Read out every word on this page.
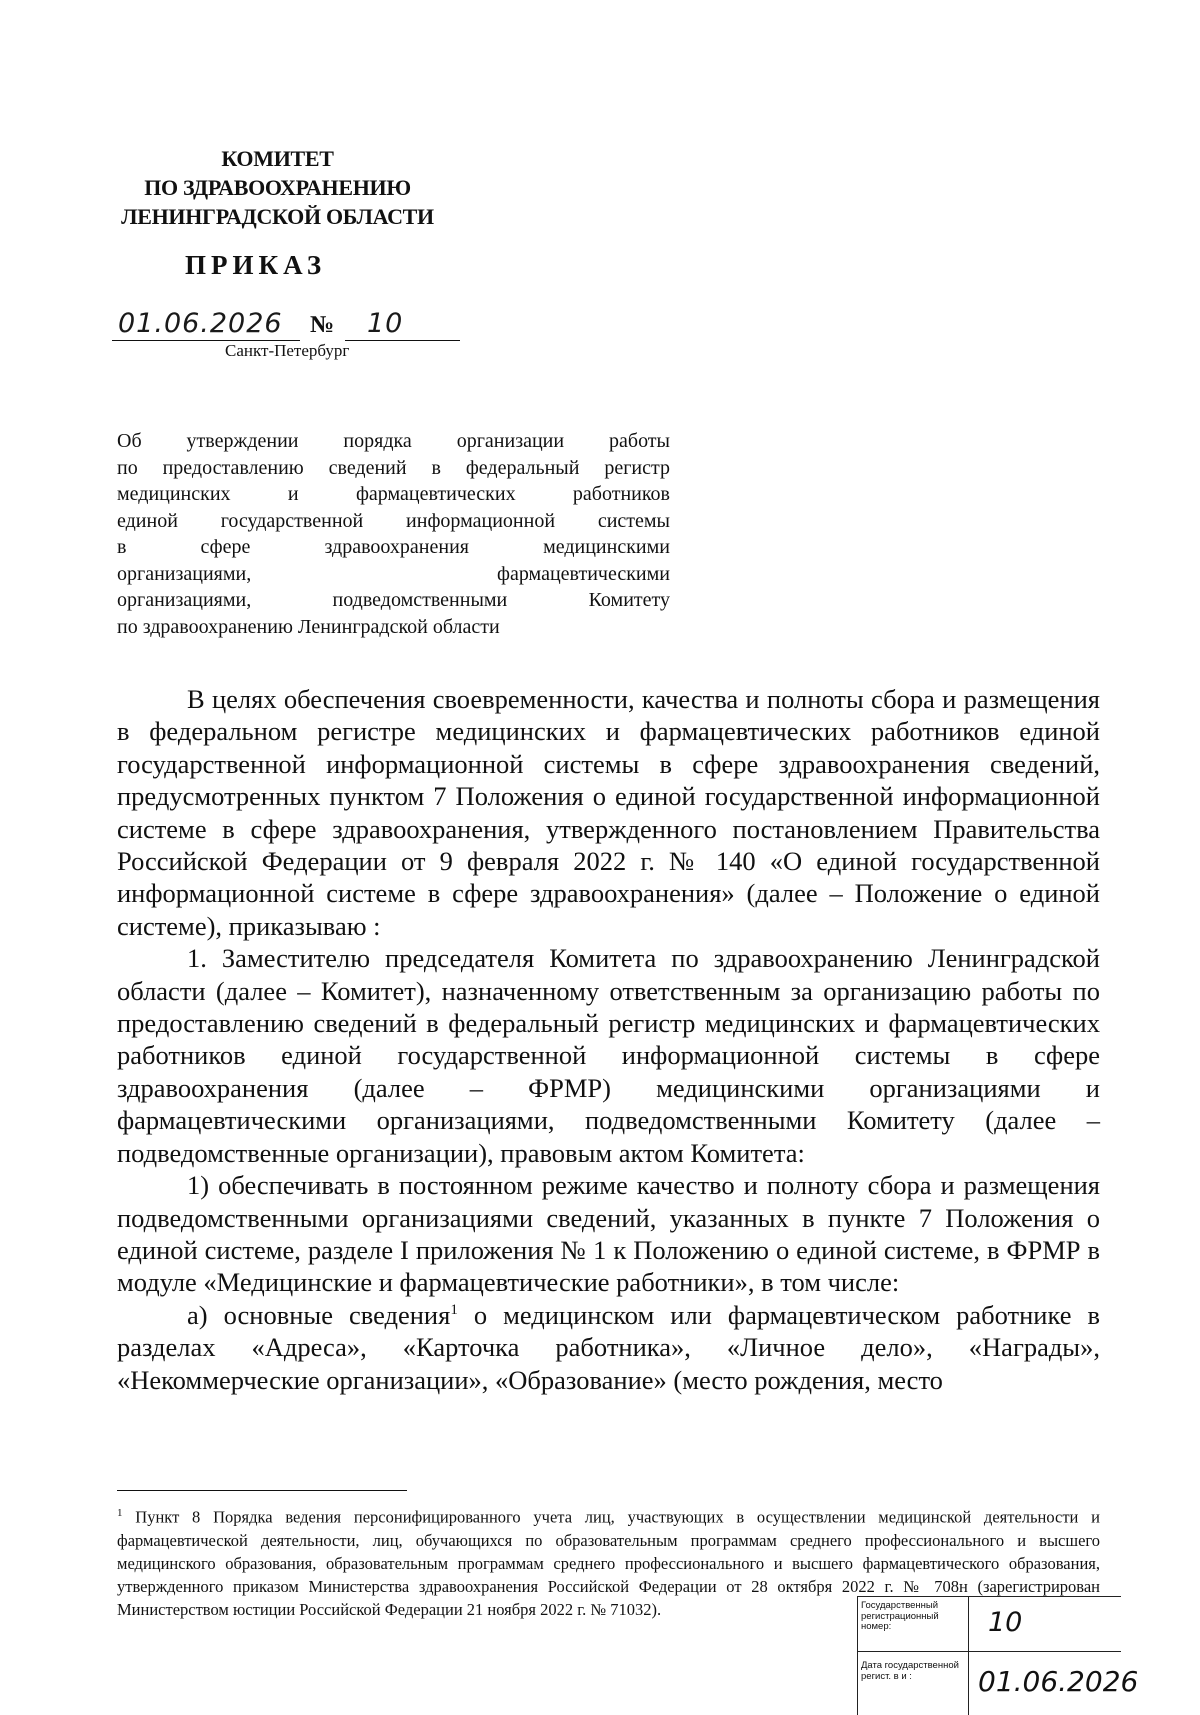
КОМИТЕТ
ПО ЗДРАВООХРАНЕНИЮ
ЛЕНИНГРАДСКОЙ ОБЛАСТИ
ПРИКАЗ
01.06.2026 № 10
Санкт-Петербург
Об утверждении порядка организации работы
по предоставлению сведений в федеральный регистр
медицинских и фармацевтических работников
единой государственной информационной системы
в сфере здравоохранения медицинскими
организациями, фармацевтическими
организациями, подведомственными Комитету
по здравоохранению Ленинградской области

В целях обеспечения своевременности, качества и полноты сбора и размещения в федеральном регистре медицинских и фармацевтических работников единой государственной информационной системы в сфере здравоохранения сведений, предусмотренных пунктом 7 Положения о единой государственной информационной системе в сфере здравоохранения, утвержденного постановлением Правительства Российской Федерации от 9 февраля 2022 г. № 140 «О единой государственной информационной системе в сфере здравоохранения» (далее – Положение о единой системе), приказываю :

1. Заместителю председателя Комитета по здравоохранению Ленинградской области (далее – Комитет), назначенному ответственным за организацию работы по предоставлению сведений в федеральный регистр медицинских и фармацевтических работников единой государственной информационной системы в сфере здравоохранения (далее – ФРМР) медицинскими организациями и фармацевтическими организациями, подведомственными Комитету (далее – подведомственные организации), правовым актом Комитета:

1) обеспечивать в постоянном режиме качество и полноту сбора и размещения подведомственными организациями сведений, указанных в пункте 7 Положения о единой системе, разделе I приложения № 1 к Положению о единой системе, в ФРМР в модуле «Медицинские и фармацевтические работники», в том числе:

а) основные сведения$^1$ о медицинском или фармацевтическом работнике в разделах «Адреса», «Карточка работника», «Личное дело», «Награды», «Некоммерческие организации», «Образование» (место рождения, место

$^1$ Пункт 8 Порядка ведения персонифицированного учета лиц, участвующих в осуществлении медицинской деятельности и фармацевтической деятельности, лиц, обучающихся по образовательным программам среднего профессионального и высшего медицинского образования, образовательным программам среднего профессионального и высшего фармацевтического образования, утвержденного приказом Министерства здравоохранения Российской Федерации от 28 октября 2022 г. № 708н (зарегистрирован Министерством юстиции Российской Федерации 21 ноября 2022 г. № 71032).	Государственный регистрационный номер:	10
Дата государственной регист. в и :	01.06.2026
